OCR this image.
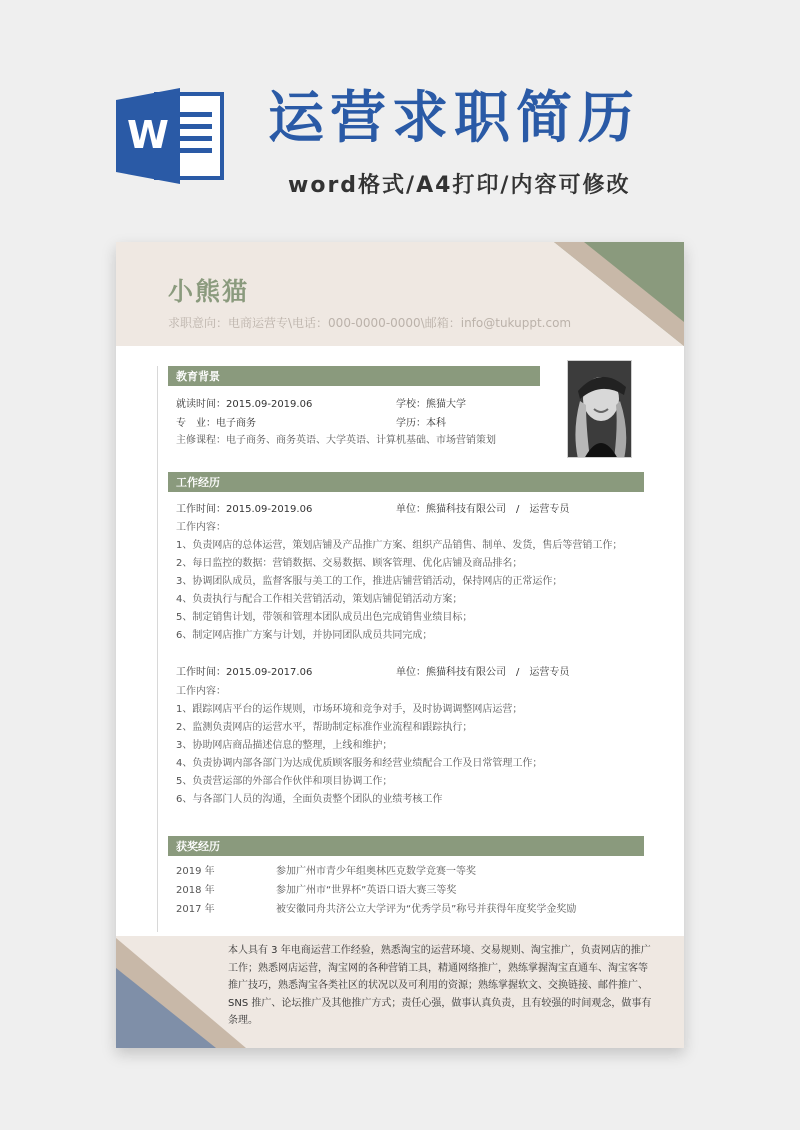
W 运营求职简历
word格式/A4打印/内容可修改
小熊猫
求职意向：电商运营专\电话：000-0000-0000\邮箱：info@tukuppt.com
教育背景
就读时间：2015.09-2019.06	学校：熊猫大学
专　业：电子商务	学历：本科
主修课程：电子商务、商务英语、大学英语、计算机基础、市场营销策划
工作经历
工作时间：2015.09-2019.06	单位：熊猫科技有限公司　/　运营专员
工作内容：
1、负责网店的总体运营，策划店铺及产品推广方案、组织产品销售、制单、发货，售后等营销工作；
2、每日监控的数据：营销数据、交易数据、顾客管理、优化店铺及商品排名；
3、协调团队成员，监督客服与美工的工作，推进店铺营销活动，保持网店的正常运作；
4、负责执行与配合工作相关营销活动，策划店铺促销活动方案；
5、制定销售计划，带领和管理本团队成员出色完成销售业绩目标；
6、制定网店推广方案与计划，并协同团队成员共同完成；
工作时间：2015.09-2017.06	单位：熊猫科技有限公司　/　运营专员
工作内容：
1、跟踪网店平台的运作规则，市场环境和竞争对手，及时协调调整网店运营；
2、监测负责网店的运营水平，帮助制定标准作业流程和跟踪执行；
3、协助网店商品描述信息的整理，上线和维护；
4、负责协调内部各部门为达成优质顾客服务和经营业绩配合工作及日常管理工作；
5、负责营运部的外部合作伙伴和项目协调工作；
6、与各部门人员的沟通，全面负责整个团队的业绩考核工作
获奖经历
2019 年	参加广州市青少年组奥林匹克数学竞赛一等奖
2018 年	参加广州市“世界杯”英语口语大赛三等奖
2017 年	被安徽同舟共济公立大学评为“优秀学员”称号并获得年度奖学金奖励
本人具有 3 年电商运营工作经验，熟悉淘宝的运营环境、交易规则、淘宝推广，负责网店的推广工作；熟悉网店运营，淘宝网的各种营销工具，精通网络推广，熟练掌握淘宝直通车、淘宝客等推广技巧，熟悉淘宝各类社区的状况以及可利用的资源；熟练掌握软文、交换链接、邮件推广、SNS 推广、论坛推广及其他推广方式；责任心强，做事认真负责，且有较强的时间观念，做事有条理。
